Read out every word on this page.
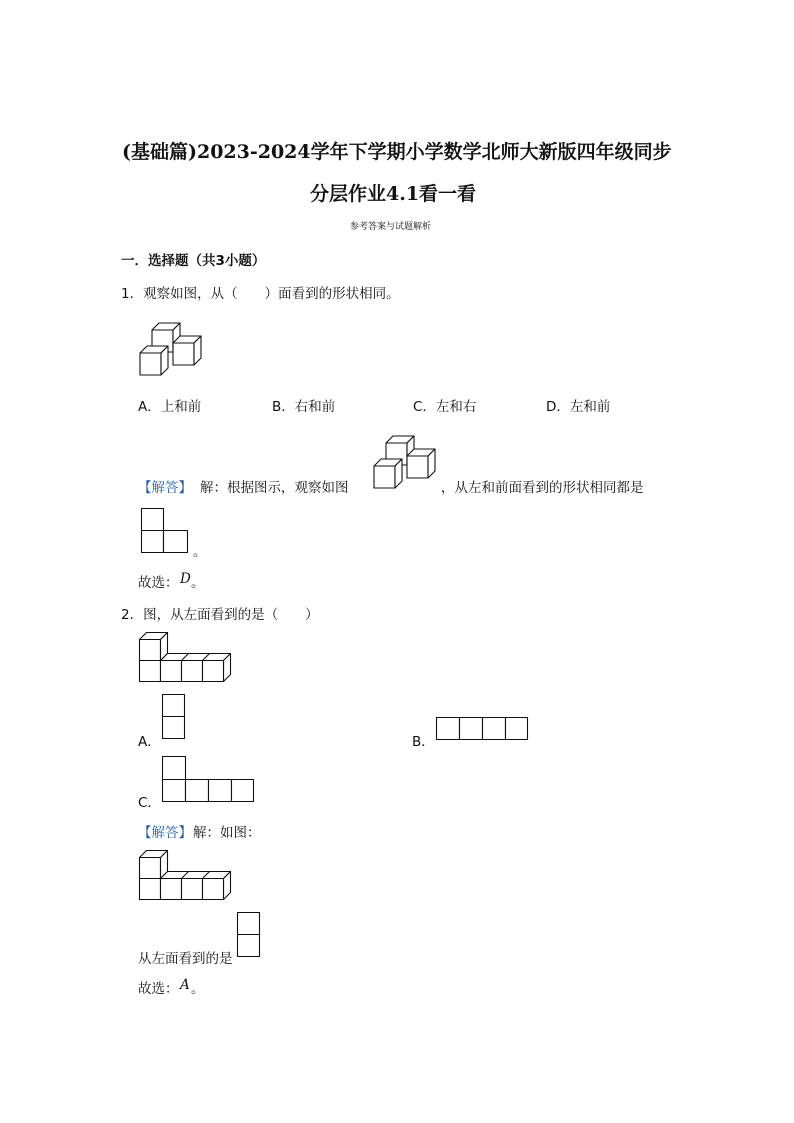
(基础篇)2023-2024学年下学期小学数学北师大新版四年级同步
分层作业4.1看一看
参考答案与试题解析
一．选择题（共3小题）
1．观察如图，从（　　）面看到的形状相同。
A．上和前	B．右和前	C．左和右	D．左和前
【解答】 解：根据图示，观察如图	，从左和前面看到的形状相同都是
。
故选： D 。
2．图，从左面看到的是（　　）
A．	B．
C．
【解答】 解：如图：
从左面看到的是
故选： A 。
